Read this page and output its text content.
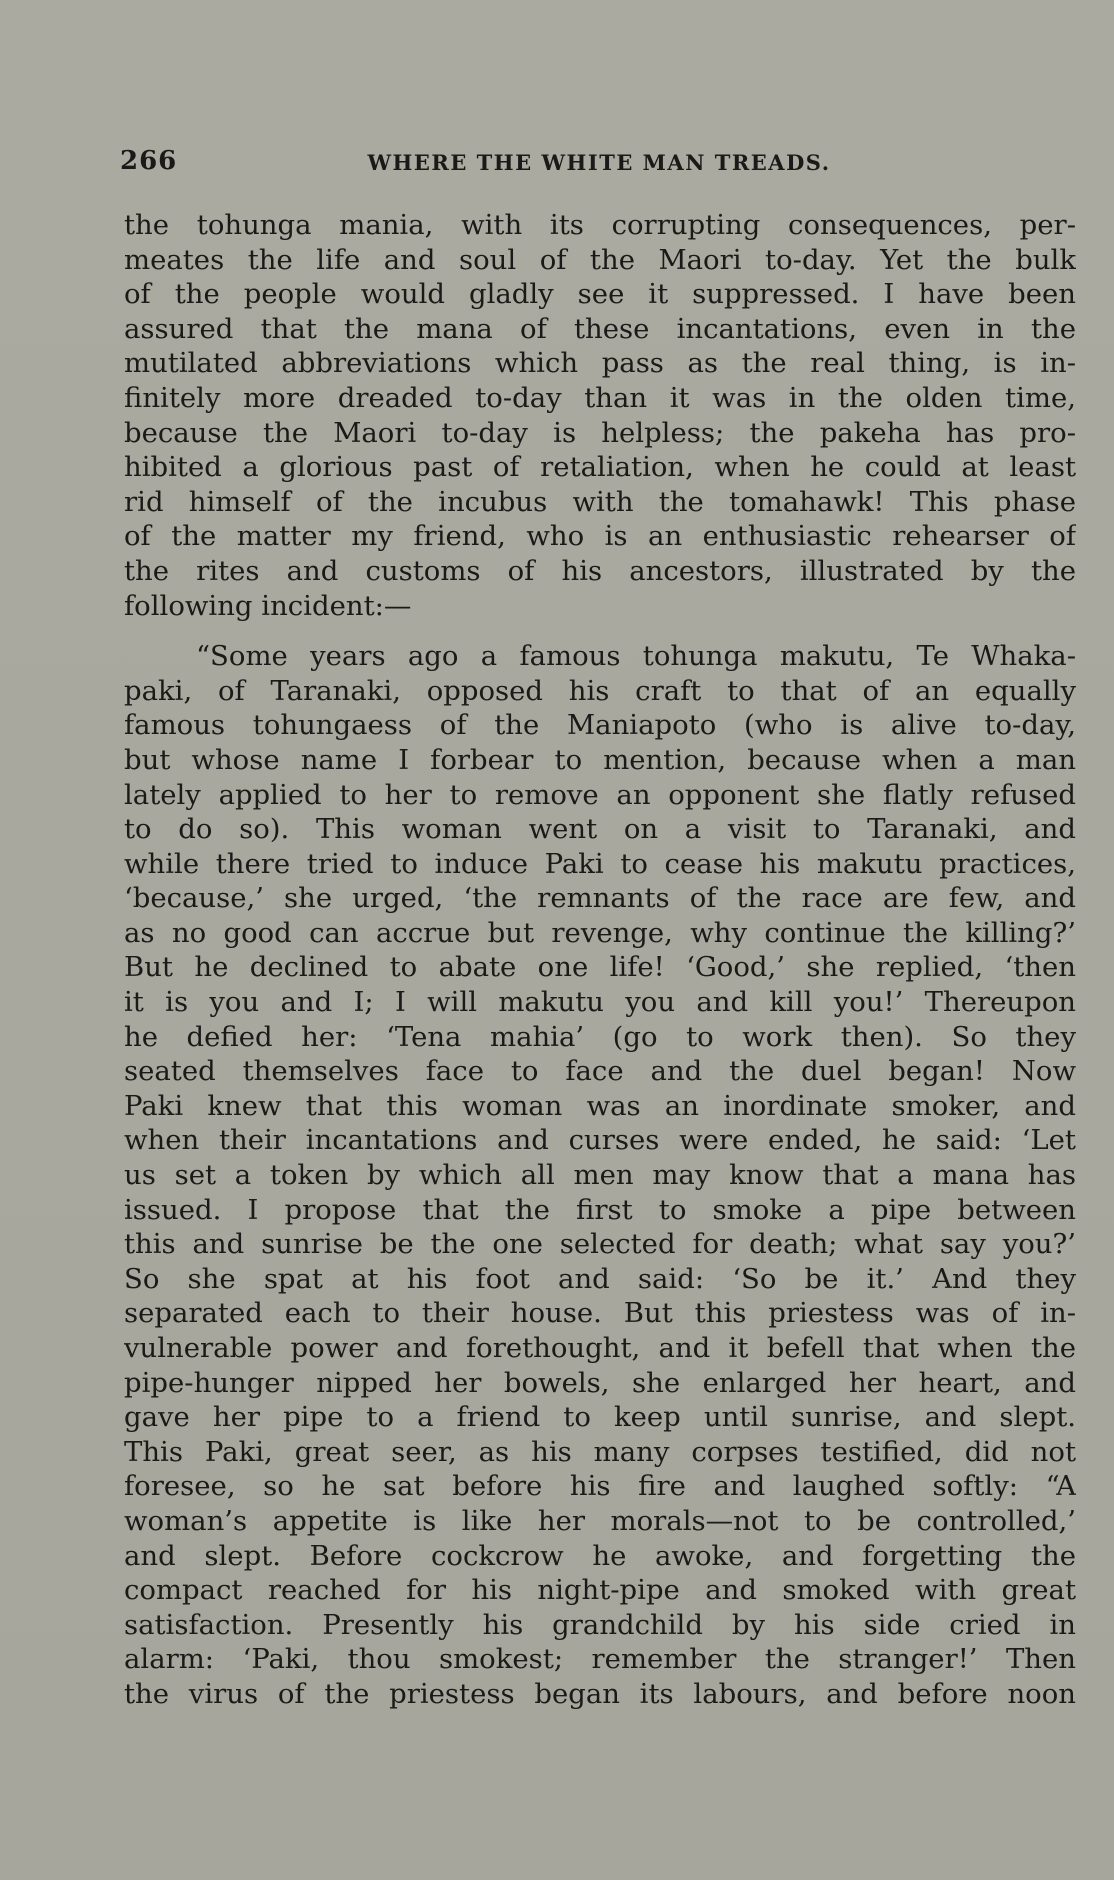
266	WHERE THE WHITE MAN TREADS.
the tohunga mania, with its corrupting consequences, per-
meates the life and soul of the Maori to-day. Yet the bulk
of the people would gladly see it suppressed. I have been
assured that the mana of these incantations, even in the
mutilated abbreviations which pass as the real thing, is in-
finitely more dreaded to-day than it was in the olden time,
because the Maori to-day is helpless; the pakeha has pro-
hibited a glorious past of retaliation, when he could at least
rid himself of the incubus with the tomahawk! This phase
of the matter my friend, who is an enthusiastic rehearser of
the rites and customs of his ancestors, illustrated by the
following incident:—
“Some years ago a famous tohunga makutu, Te Whaka-
paki, of Taranaki, opposed his craft to that of an equally
famous tohungaess of the Maniapoto (who is alive to-day,
but whose name I forbear to mention, because when a man
lately applied to her to remove an opponent she flatly refused
to do so). This woman went on a visit to Taranaki, and
while there tried to induce Paki to cease his makutu practices,
‘because,’ she urged, ‘the remnants of the race are few, and
as no good can accrue but revenge, why continue the killing?’
But he declined to abate one life! ‘Good,’ she replied, ‘then
it is you and I; I will makutu you and kill you!’ Thereupon
he defied her: ‘Tena mahia’ (go to work then). So they
seated themselves face to face and the duel began! Now
Paki knew that this woman was an inordinate smoker, and
when their incantations and curses were ended, he said: ‘Let
us set a token by which all men may know that a mana has
issued. I propose that the first to smoke a pipe between
this and sunrise be the one selected for death; what say you?’
So she spat at his foot and said: ‘So be it.’ And they
separated each to their house. But this priestess was of in-
vulnerable power and forethought, and it befell that when the
pipe-hunger nipped her bowels, she enlarged her heart, and
gave her pipe to a friend to keep until sunrise, and slept.
This Paki, great seer, as his many corpses testified, did not
foresee, so he sat before his fire and laughed softly: “A
woman’s appetite is like her morals—not to be controlled,’
and slept. Before cockcrow he awoke, and forgetting the
compact reached for his night-pipe and smoked with great
satisfaction. Presently his grandchild by his side cried in
alarm: ‘Paki, thou smokest; remember the stranger!’ Then
the virus of the priestess began its labours, and before noon
